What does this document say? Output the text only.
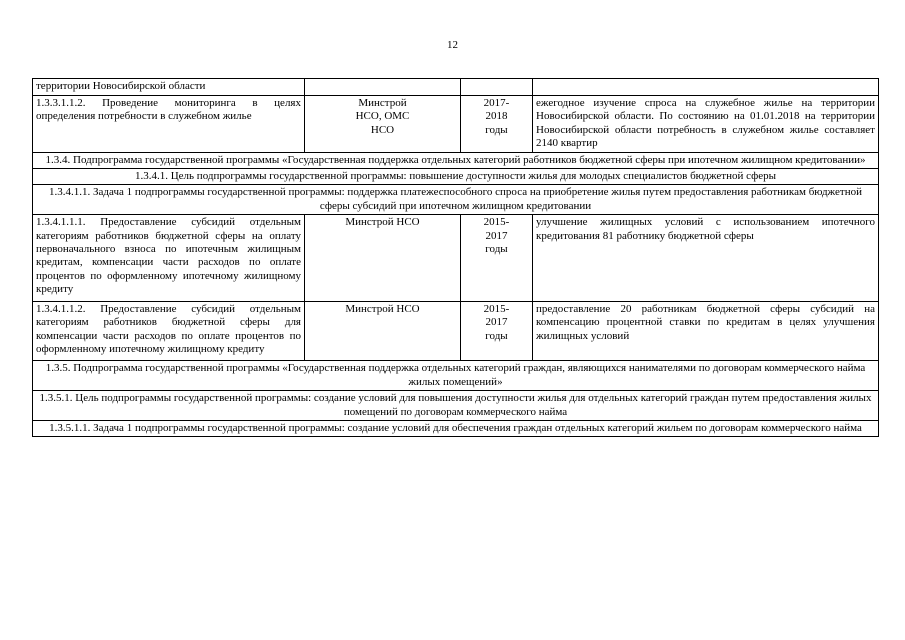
12
территории Новосибирской области			
1.3.3.1.1.2. Проведение мониторинга в целях определения потребности в служебном жилье	Минстрой НСО, ОМС НСО	2017-2018 годы	ежегодное изучение спроса на служебное жилье на территории Новосибирской области. По состоянию на 01.01.2018 на территории Новосибирской области потребность в служебном жилье составляет 2140 квартир
1.3.4. Подпрограмма государственной программы «Государственная поддержка отдельных категорий работников бюджетной сферы при ипотечном жилищном кредитовании»			
1.3.4.1. Цель подпрограммы государственной программы: повышение доступности жилья для молодых специалистов бюджетной сферы			
1.3.4.1.1. Задача 1 подпрограммы государственной программы: поддержка платежеспособного спроса на приобретение жилья путем предоставления работникам бюджетной сферы субсидий при ипотечном жилищном кредитовании			
1.3.4.1.1.1. Предоставление субсидий отдельным категориям работников бюджетной сферы на оплату первоначального взноса по ипотечным жилищным кредитам, компенсации части расходов по оплате процентов по оформленному ипотечному жилищному кредиту	Минстрой НСО	2015-2017 годы	улучшение жилищных условий с использованием ипотечного кредитования 81 работнику бюджетной сферы
1.3.4.1.1.2. Предоставление субсидий отдельным категориям работников бюджетной сферы для компенсации части расходов по оплате процентов по оформленному ипотечному жилищному кредиту	Минстрой НСО	2015-2017 годы	предоставление 20 работникам бюджетной сферы субсидий на компенсацию процентной ставки по кредитам в целях улучшения жилищных условий
1.3.5. Подпрограмма государственной программы «Государственная поддержка отдельных категорий граждан, являющихся нанимателями по договорам коммерческого найма жилых помещений»			
1.3.5.1. Цель подпрограммы государственной программы: создание условий для повышения доступности жилья для отдельных категорий граждан путем предоставления жилых помещений по договорам коммерческого найма			
1.3.5.1.1. Задача 1 подпрограммы государственной программы: создание условий для обеспечения граждан отдельных категорий жильем по договорам коммерческого найма			
